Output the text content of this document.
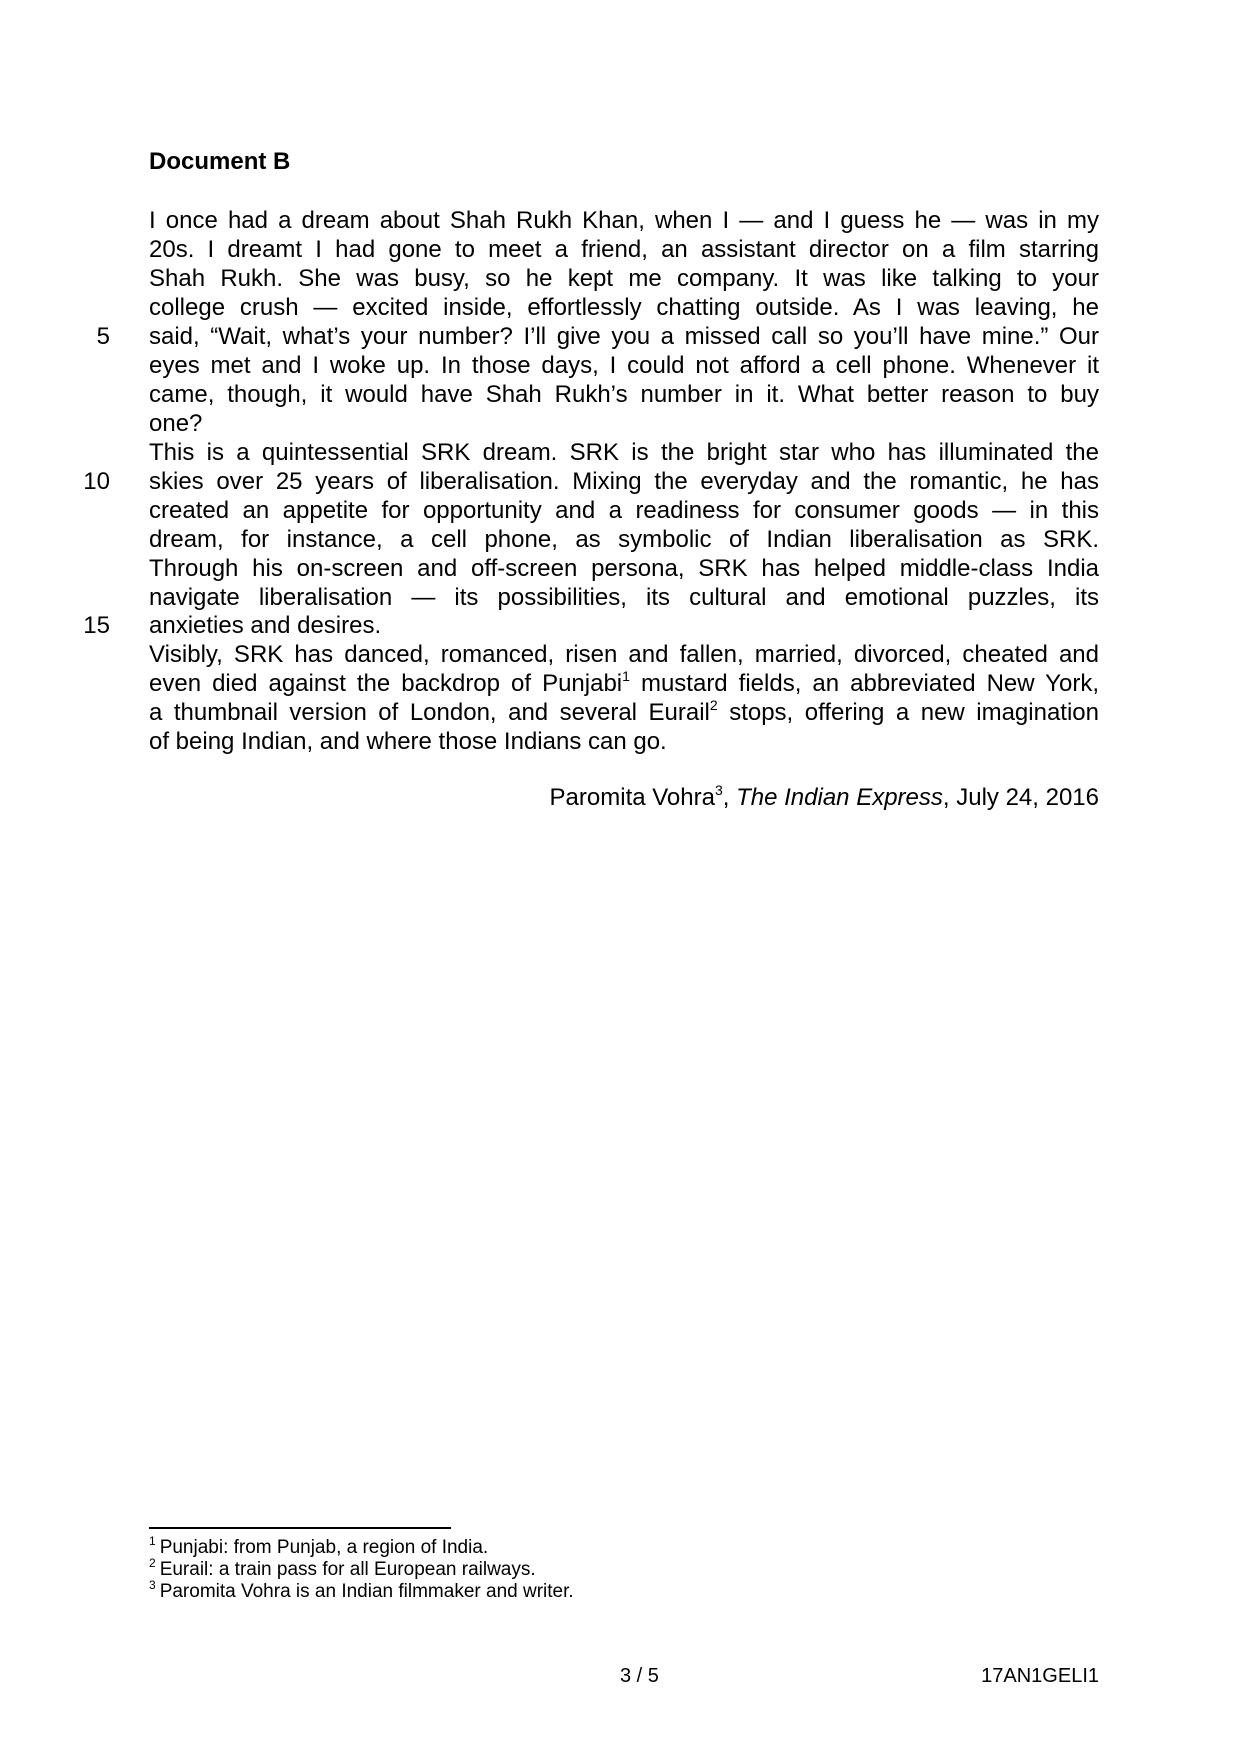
Document B
5
10
15
I once had a dream about Shah Rukh Khan, when I — and I guess he — was in my
20s. I dreamt I had gone to meet a friend, an assistant director on a film starring
Shah Rukh. She was busy, so he kept me company. It was like talking to your
college crush — excited inside, effortlessly chatting outside. As I was leaving, he
said, “Wait, what’s your number? I’ll give you a missed call so you’ll have mine.” Our
eyes met and I woke up. In those days, I could not afford a cell phone. Whenever it
came, though, it would have Shah Rukh’s number in it. What better reason to buy
one?
This is a quintessential SRK dream. SRK is the bright star who has illuminated the
skies over 25 years of liberalisation. Mixing the everyday and the romantic, he has
created an appetite for opportunity and a readiness for consumer goods — in this
dream, for instance, a cell phone, as symbolic of Indian liberalisation as SRK.
Through his on-screen and off-screen persona, SRK has helped middle-class India
navigate liberalisation — its possibilities, its cultural and emotional puzzles, its
anxieties and desires.
Visibly, SRK has danced, romanced, risen and fallen, married, divorced, cheated and
even died against the backdrop of Punjabi$^1$ mustard fields, an abbreviated New York,
a thumbnail version of London, and several Eurail$^2$ stops, offering a new imagination
of being Indian, and where those Indians can go.
Paromita Vohra$^3$, The Indian Express, July 24, 2016
$^1$ Punjabi: from Punjab, a region of India.
$^2$ Eurail: a train pass for all European railways.
$^3$ Paromita Vohra is an Indian filmmaker and writer.
3 / 5	17AN1GELI1
